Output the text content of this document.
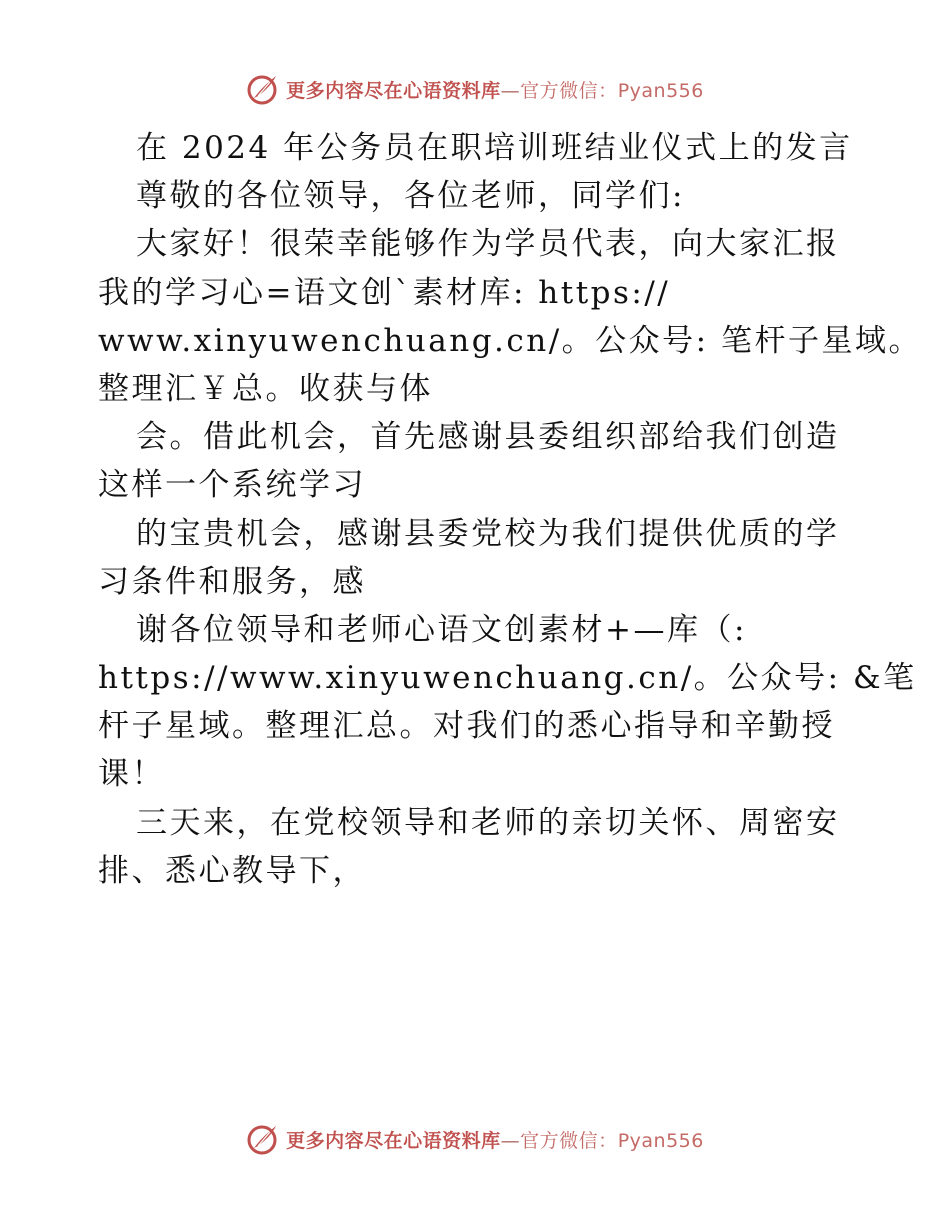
更多内容尽在心语资料库—官方微信：Pyan556
在 2024 年公务员在职培训班结业仪式上的发言
尊敬的各位领导，各位老师，同学们:
大家好！很荣幸能够作为学员代表，向大家汇报
我的学习心=语文创`素材库: https://
www.xinyuwenchuang.cn/。公众号: 笔杆子星域。
整理汇￥总。收获与体
会。借此机会，首先感谢县委组织部给我们创造
这样一个系统学习
的宝贵机会，感谢县委党校为我们提供优质的学
习条件和服务，感
谢各位领导和老师心语文创素材+—库（:
https://www.xinyuwenchuang.cn/。公众号: &笔
杆子星域。整理汇总。对我们的悉心指导和辛勤授
课！
三天来，在党校领导和老师的亲切关怀、周密安
排、悉心教导下，
更多内容尽在心语资料库—官方微信：Pyan556
